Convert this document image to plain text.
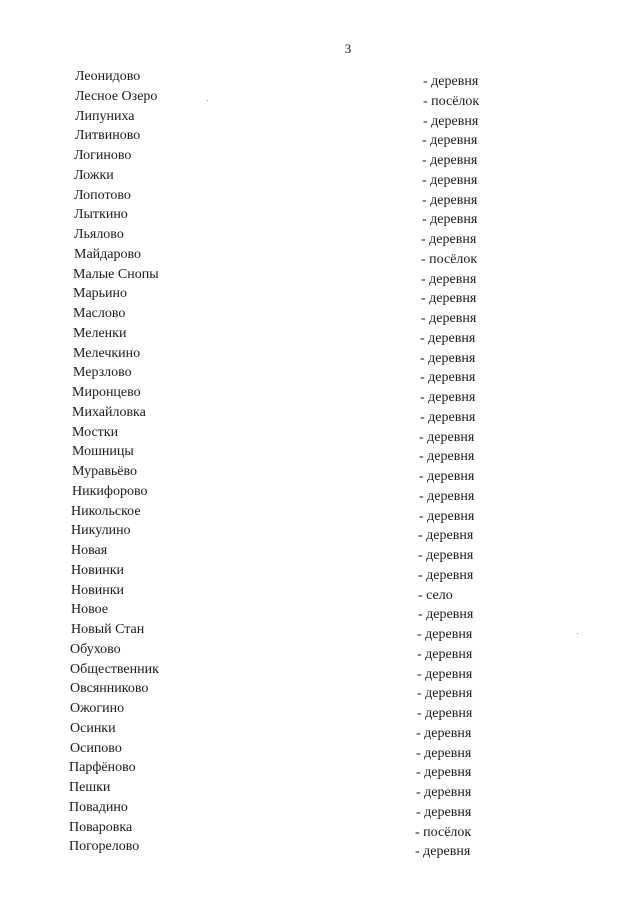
3
Леонидово	- деревня
Лесное Озеро	- посёлок
Липуниха	- деревня
Литвиново	- деревня
Логиново	- деревня
Ложки	- деревня
Лопотово	- деревня
Лыткино	- деревня
Льялово	- деревня
Майдарово	- посёлок
Малые Снопы	- деревня
Марьино	- деревня
Маслово	- деревня
Меленки	- деревня
Мелечкино	- деревня
Мерзлово	- деревня
Миронцево	- деревня
Михайловка	- деревня
Мостки	- деревня
Мошницы	- деревня
Муравьёво	- деревня
Никифорово	- деревня
Никольское	- деревня
Никулино	- деревня
Новая	- деревня
Новинки	- деревня
Новинки	- село
Новое	- деревня
Новый Стан	- деревня
Обухово	- деревня
Общественник	- деревня
Овсянниково	- деревня
Ожогино	- деревня
Осинки	- деревня
Осипово	- деревня
Парфёново	- деревня
Пешки	- деревня
Повадино	- деревня
Поваровка	- посёлок
Погорелово	- деревня
